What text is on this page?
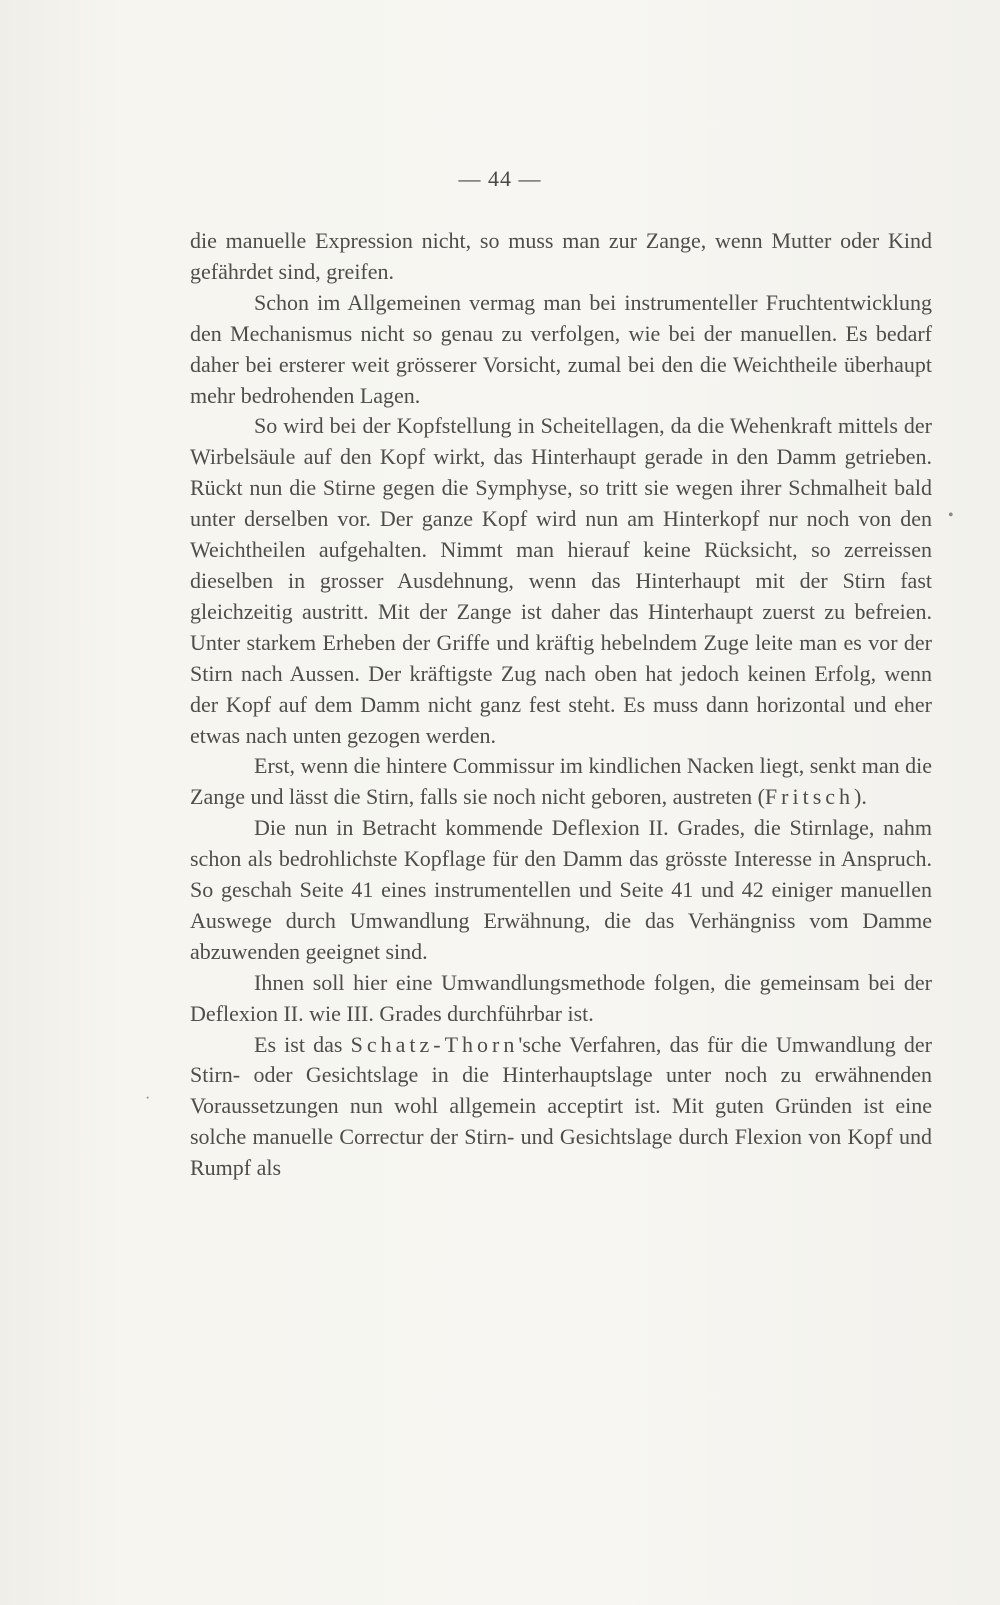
— 44 —

die manuelle Expression nicht, so muss man zur Zange, wenn Mutter oder Kind gefährdet sind, greifen.

Schon im Allgemeinen vermag man bei instrumenteller Fruchtentwicklung den Mechanismus nicht so genau zu verfolgen, wie bei der manuellen. Es bedarf daher bei ersterer weit grösserer Vorsicht, zumal bei den die Weichtheile überhaupt mehr bedrohenden Lagen.

So wird bei der Kopfstellung in Scheitellagen, da die Wehenkraft mittels der Wirbelsäule auf den Kopf wirkt, das Hinterhaupt gerade in den Damm getrieben. Rückt nun die Stirne gegen die Symphyse, so tritt sie wegen ihrer Schmalheit bald unter derselben vor. Der ganze Kopf wird nun am Hinterkopf nur noch von den Weichtheilen aufgehalten. Nimmt man hierauf keine Rücksicht, so zerreissen dieselben in grosser Ausdehnung, wenn das Hinterhaupt mit der Stirn fast gleichzeitig austritt. Mit der Zange ist daher das Hinterhaupt zuerst zu befreien. Unter starkem Erheben der Griffe und kräftig hebelndem Zuge leite man es vor der Stirn nach Aussen. Der kräftigste Zug nach oben hat jedoch keinen Erfolg, wenn der Kopf auf dem Damm nicht ganz fest steht. Es muss dann horizontal und eher etwas nach unten gezogen werden.

Erst, wenn die hintere Commissur im kindlichen Nacken liegt, senkt man die Zange und lässt die Stirn, falls sie noch nicht geboren, austreten (Fritsch).

Die nun in Betracht kommende Deflexion II. Grades, die Stirnlage, nahm schon als bedrohlichste Kopflage für den Damm das grösste Interesse in Anspruch. So geschah Seite 41 eines instrumentellen und Seite 41 und 42 einiger manuellen Auswege durch Umwandlung Erwähnung, die das Verhängniss vom Damme abzuwenden geeignet sind.

Ihnen soll hier eine Umwandlungsmethode folgen, die gemeinsam bei der Deflexion II. wie III. Grades durchführbar ist.

Es ist das Schatz-Thorn'sche Verfahren, das für die Umwandlung der Stirn- oder Gesichtslage in die Hinterhauptslage unter noch zu erwähnenden Voraussetzungen nun wohl allgemein acceptirt ist. Mit guten Gründen ist eine solche manuelle Correctur der Stirn- und Gesichtslage durch Flexion von Kopf und Rumpf als

•
·
